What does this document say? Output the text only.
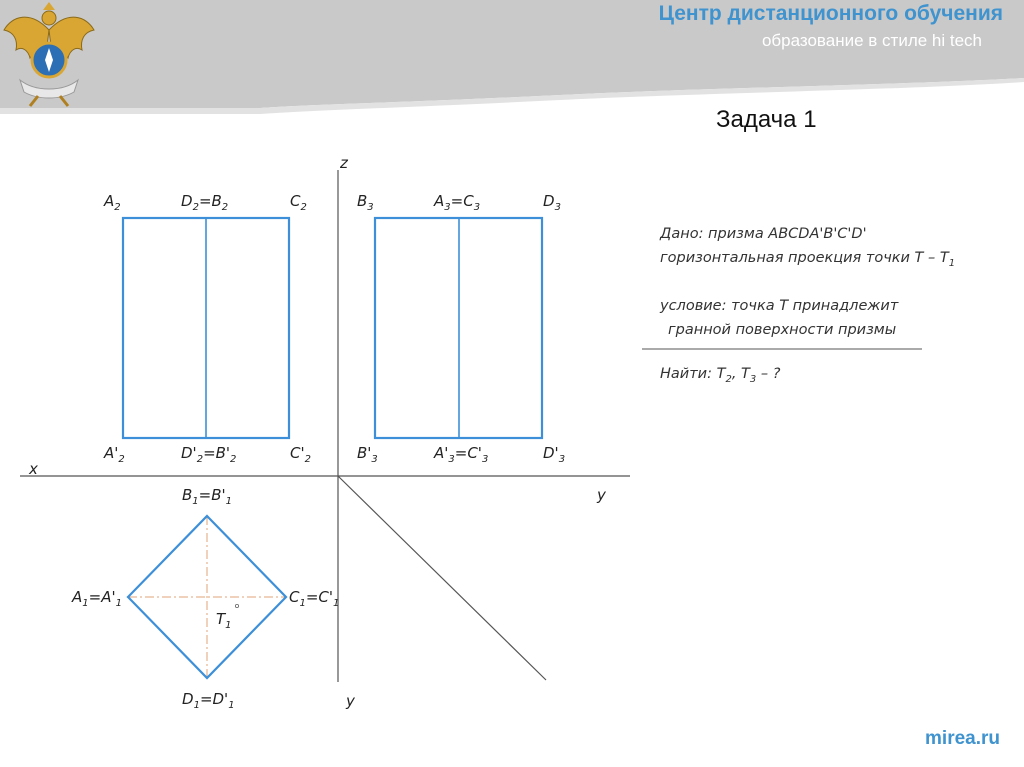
Центр дистанционного обучения
образование в стиле hi tech
Задача 1
z
x
y
y
$A_2$	$D_2=B_2$	$C_2$
$A'_2$	$D'_2=B'_2$	$C'_2$
$B_3$	$A_3=C_3$	$D_3$
$B'_3$	$A'_3=C'_3$	$D'_3$
$B_1=B'_1$
$A_1=A'_1$	$C_1=C'_1$
$D_1=D'_1$
$T_1$
Дано: призма ABCDA'B'C'D'
горизонтальная проекция точки T – $T_1$
условие: точка T принадлежит
гранной поверхности призмы
Найти: $T_2$, $T_3$ – ?
mirea.ru
